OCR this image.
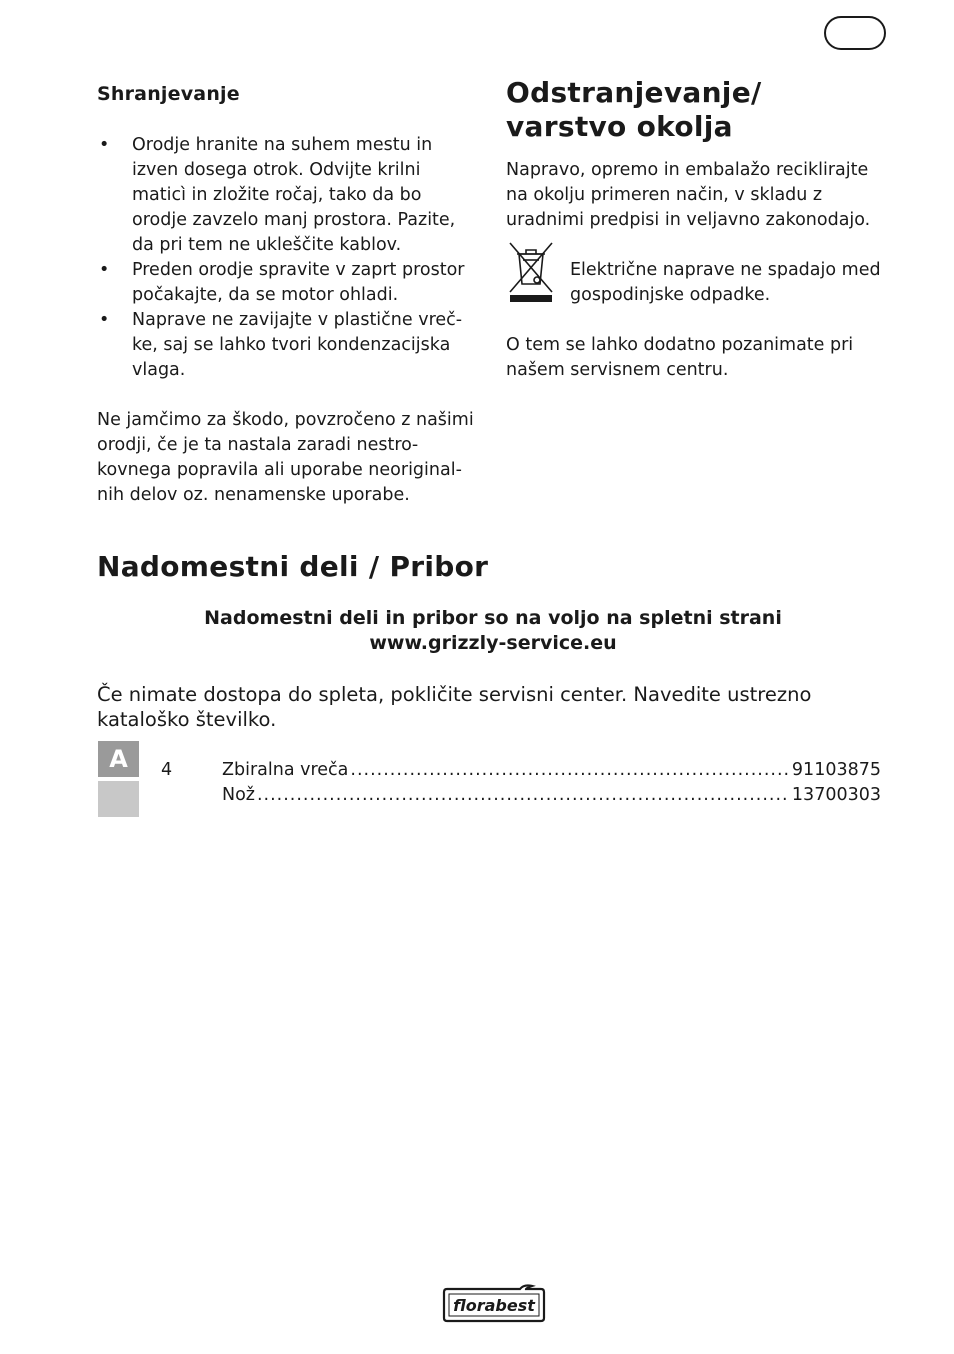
Shranjevanje
• Orodje hranite na suhem mestu in izven dosega otrok. Odvijte krilni maticì in zložite ročaj, tako da bo orodje zavzelo manj prostora. Pazite, da pri tem ne ukleščite kablov.
• Preden orodje spravite v zaprt prostor počakajte, da se motor ohladi.
• Naprave ne zavijajte v plastične vrečke, saj se lahko tvori kondenzacijska vlaga.

Ne jamčimo za škodo, povzročeno z našimi orodji, če je ta nastala zaradi nestrokovnega popravila ali uporabe neoriginalnih delov oz. nenamenske uporabe.

Odstranjevanje/ varstvo okolja

Napravo, opremo in embalažo reciklirajte na okolju primeren način, v skladu z uradnimi predpisi in veljavno zakonodajo.

Električne naprave ne spadajo med gospodinjske odpadke.

O tem se lahko dodatno pozanimate pri našem servisnem centru.

Nadomestni deli / Pribor

Nadomestni deli in pribor so na voljo na spletni strani
www.grizzly-service.eu

Če nimate dostopa do spleta, pokličite servisni center. Navedite ustrezno kataloško številko.

A	4	Zbiralna vreča .....	91103875
Nož .....	13700303
florabest
